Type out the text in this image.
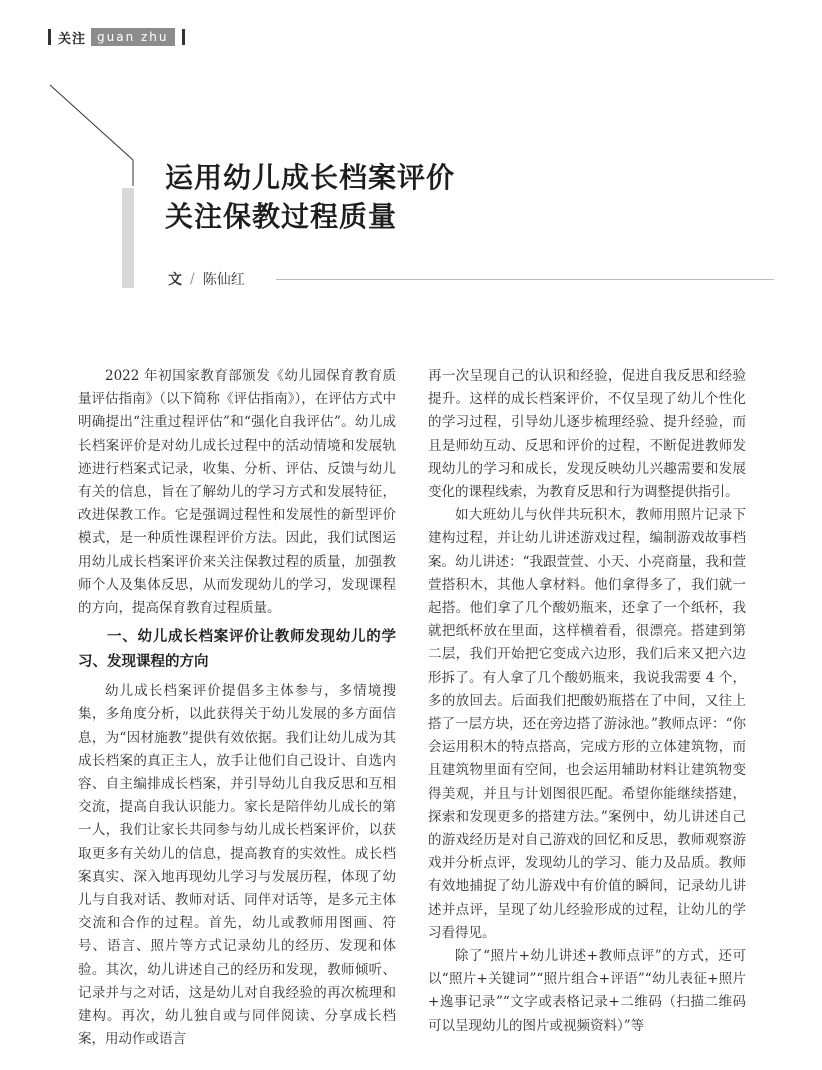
关注 guan zhu
运用幼儿成长档案评价
关注保教过程质量
文 / 陈仙红

2022 年初国家教育部颁发《幼儿园保育教育质量评估指南》（以下简称《评估指南》），在评估方式中明确提出“注重过程评估”和“强化自我评估”。幼儿成长档案评价是对幼儿成长过程中的活动情境和发展轨迹进行档案式记录，收集、分析、评估、反馈与幼儿有关的信息，旨在了解幼儿的学习方式和发展特征，改进保教工作。它是强调过程性和发展性的新型评价模式，是一种质性课程评价方法。因此，我们试图运用幼儿成长档案评价来关注保教过程的质量，加强教师个人及集体反思，从而发现幼儿的学习，发现课程的方向，提高保育教育过程质量。

一、幼儿成长档案评价让教师发现幼儿的学习、发现课程的方向

幼儿成长档案评价提倡多主体参与，多情境搜集，多角度分析，以此获得关于幼儿发展的多方面信息，为“因材施教”提供有效依据。我们让幼儿成为其成长档案的真正主人，放手让他们自己设计、自选内容、自主编排成长档案，并引导幼儿自我反思和互相交流，提高自我认识能力。家长是陪伴幼儿成长的第一人，我们让家长共同参与幼儿成长档案评价，以获取更多有关幼儿的信息，提高教育的实效性。成长档案真实、深入地再现幼儿学习与发展历程，体现了幼儿与自我对话、教师对话、同伴对话等，是多元主体交流和合作的过程。首先，幼儿或教师用图画、符号、语言、照片等方式记录幼儿的经历、发现和体验。其次，幼儿讲述自己的经历和发现，教师倾听、记录并与之对话，这是幼儿对自我经验的再次梳理和建构。再次，幼儿独自或与同伴阅读、分享成长档案，用动作或语言

再一次呈现自己的认识和经验，促进自我反思和经验提升。这样的成长档案评价，不仅呈现了幼儿个性化的学习过程，引导幼儿逐步梳理经验、提升经验，而且是师幼互动、反思和评价的过程，不断促进教师发现幼儿的学习和成长，发现反映幼儿兴趣需要和发展变化的课程线索，为教育反思和行为调整提供指引。

如大班幼儿与伙伴共玩积木，教师用照片记录下建构过程，并让幼儿讲述游戏过程，编制游戏故事档案。幼儿讲述：“我跟萱萱、小天、小亮商量，我和萱萱搭积木，其他人拿材料。他们拿得多了，我们就一起搭。他们拿了几个酸奶瓶来，还拿了一个纸杯，我就把纸杯放在里面，这样横着看，很漂亮。搭建到第二层，我们开始把它变成六边形，我们后来又把六边形拆了。有人拿了几个酸奶瓶来，我说我需要 4 个，多的放回去。后面我们把酸奶瓶搭在了中间，又往上搭了一层方块，还在旁边搭了游泳池。”教师点评：“你会运用积木的特点搭高，完成方形的立体建筑物，而且建筑物里面有空间，也会运用辅助材料让建筑物变得美观，并且与计划图很匹配。希望你能继续搭建，探索和发现更多的搭建方法。”案例中，幼儿讲述自己的游戏经历是对自己游戏的回忆和反思，教师观察游戏并分析点评，发现幼儿的学习、能力及品质。教师有效地捕捉了幼儿游戏中有价值的瞬间，记录幼儿讲述并点评，呈现了幼儿经验形成的过程，让幼儿的学习看得见。

除了“照片+幼儿讲述+教师点评”的方式，还可以“照片+关键词”“照片组合+评语”“幼儿表征+照片+逸事记录”“文字或表格记录+二维码（扫描二维码可以呈现幼儿的图片或视频资料）”等
